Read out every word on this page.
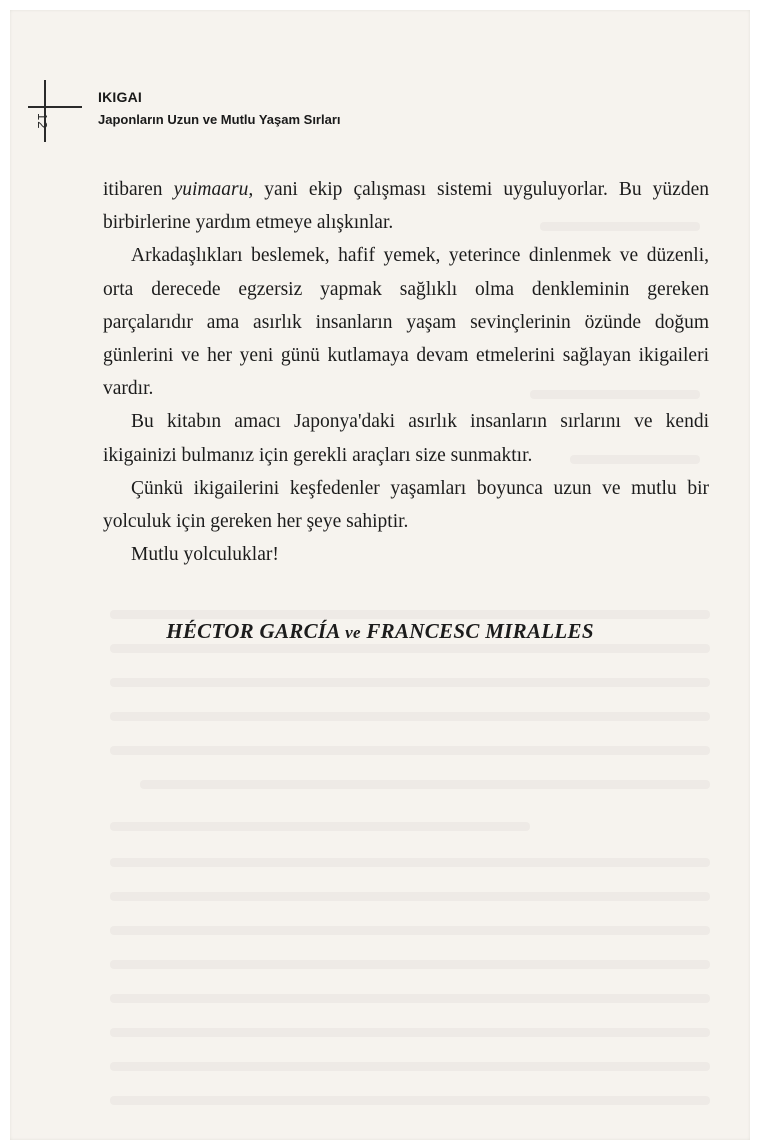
12
IKIGAI
Japonların Uzun ve Mutlu Yaşam Sırları

itibaren yuimaaru, yani ekip çalışması sistemi uyguluyorlar. Bu yüzden birbirlerine yardım etmeye alışkınlar.

Arkadaşlıkları beslemek, hafif yemek, yeterince dinlenmek ve düzenli, orta derecede egzersiz yapmak sağlıklı olma denkleminin gereken parçalarıdır ama asırlık insanların yaşam sevinçlerinin özünde doğum günlerini ve her yeni günü kutlamaya devam etmelerini sağlayan ikigaileri vardır.

Bu kitabın amacı Japonya'daki asırlık insanların sırlarını ve kendi ikigainizi bulmanız için gerekli araçları size sunmaktır.

Çünkü ikigailerini keşfedenler yaşamları boyunca uzun ve mutlu bir yolculuk için gereken her şeye sahiptir.

Mutlu yolculuklar!

HÉCTOR GARCÍA ve FRANCESC MIRALLES
